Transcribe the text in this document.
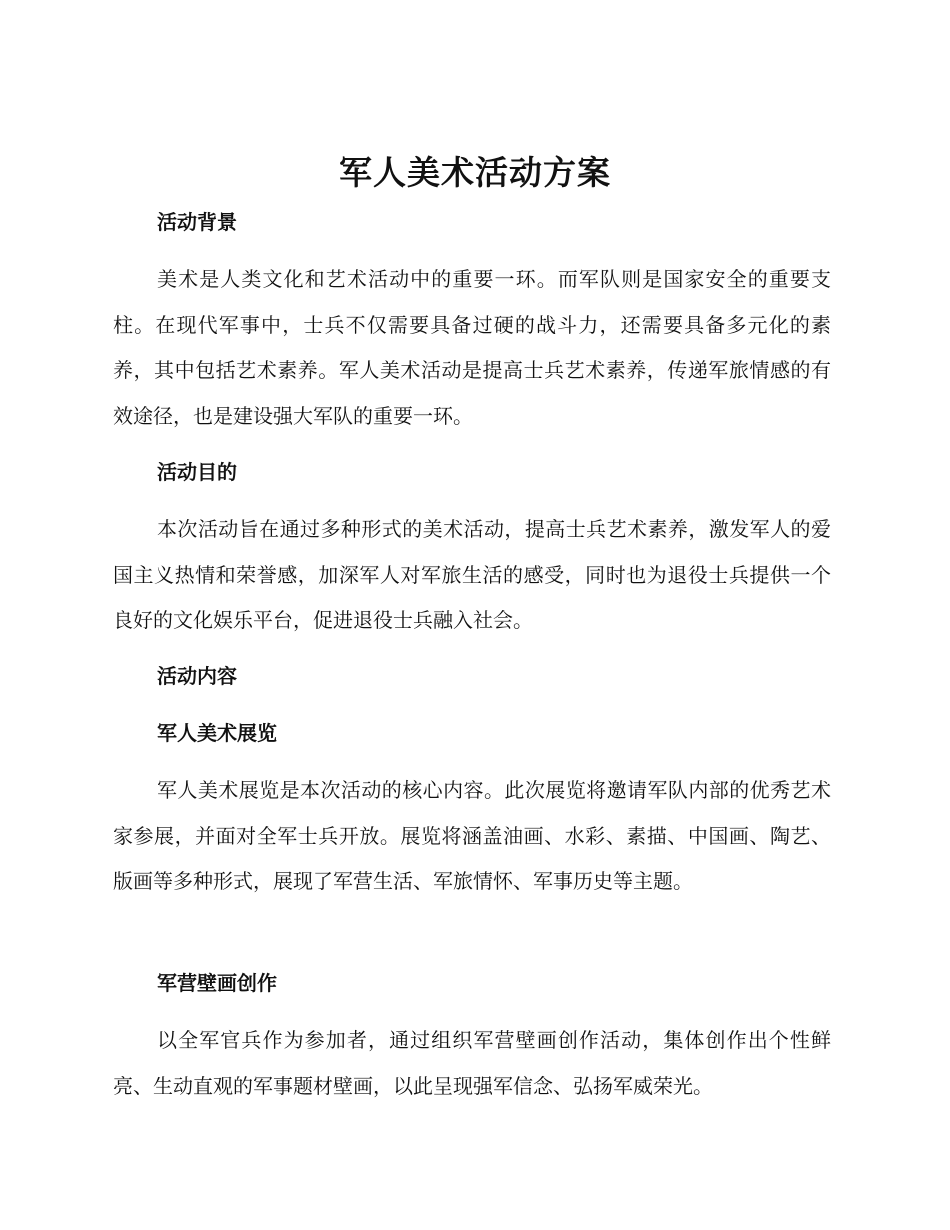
军人美术活动方案
活动背景

美术是人类文化和艺术活动中的重要一环。而军队则是国家安全的重要支柱。在现代军事中，士兵不仅需要具备过硬的战斗力，还需要具备多元化的素养，其中包括艺术素养。军人美术活动是提高士兵艺术素养，传递军旅情感的有效途径，也是建设强大军队的重要一环。

活动目的

本次活动旨在通过多种形式的美术活动，提高士兵艺术素养，激发军人的爱国主义热情和荣誉感，加深军人对军旅生活的感受，同时也为退役士兵提供一个良好的文化娱乐平台，促进退役士兵融入社会。

活动内容
军人美术展览

军人美术展览是本次活动的核心内容。此次展览将邀请军队内部的优秀艺术家参展，并面对全军士兵开放。展览将涵盖油画、水彩、素描、中国画、陶艺、版画等多种形式，展现了军营生活、军旅情怀、军事历史等主题。

军营壁画创作

以全军官兵作为参加者，通过组织军营壁画创作活动，集体创作出个性鲜亮、生动直观的军事题材壁画，以此呈现强军信念、弘扬军威荣光。
